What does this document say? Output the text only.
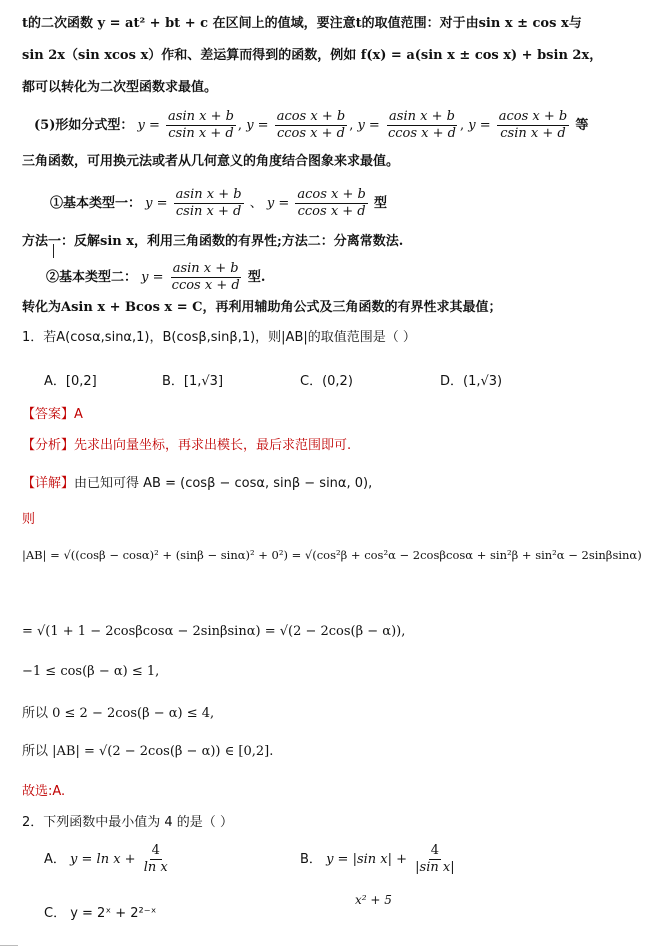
t的二次函数 y = at² + bt + c 在区间上的值域，要注意t的取值范围：对于由sin x ± cos x与
sin 2x（sin xcos x）作和、差运算而得到的函数，例如 f(x) = a(sin x ± cos x) + bsin 2x，
都可以转化为二次型函数求最值。
(5)形如分式型： $y = \frac{\text{asin x + b}}{\text{csin x + d}}$ , $y = \frac{\text{acos x + b}}{\text{ccos x + d}}$ , $y = \frac{\text{asin x + b}}{\text{ccos x + d}}$ , $y = \frac{\text{acos x + b}}{\text{csin x + d}}$ 等
三角函数，可用换元法或者从几何意义的角度结合图象来求最值。
①基本类型一： $y = \frac{\text{asin x + b}}{\text{csin x + d}}$ 、 $y = \frac{\text{acos x + b}}{\text{ccos x + d}}$ 型
方法一：反解sin x，利用三角函数的有界性;方法二：分离常数法.
②基本类型二： $y = \frac{\text{asin x + b}}{\text{ccos x + d}}$ 型.
转化为Asin x + Bcos x = C，再利用辅助角公式及三角函数的有界性求其最值；
1．若A(cosα,sinα,1)，B(cosβ,sinβ,1)，则|AB|的取值范围是（ ）
A．[0,2]	B．[1,√3]	C．(0,2)	D．(1,√3)
【答案】A
【分析】先求出向量坐标，再求出模长，最后求范围即可.
【详解】由已知可得 AB = (cosβ − cosα, sinβ − sinα, 0),
则
|AB| = √((cosβ − cosα)² + (sinβ − sinα)² + 0²) = √(cos²β + cos²α − 2cosβcosα + sin²β + sin²α − 2sinβsinα)
= √(1 + 1 − 2cosβcosα − 2sinβsinα) = √(2 − 2cos(β − α)),
−1 ≤ cos(β − α) ≤ 1,
所以 0 ≤ 2 − 2cos(β − α) ≤ 4,
所以 |AB| = √(2 − 2cos(β − α)) ∈ [0,2].
故选:A.
2．下列函数中最小值为 4 的是（ ）
A． $y = \ln x + \frac{4}{\text{ln x}}$	B． y = |sin $x| + \frac{4}{\text{|sin x|}}$
C． y = 2ˣ + 2²⁻ˣ
x² + 5
